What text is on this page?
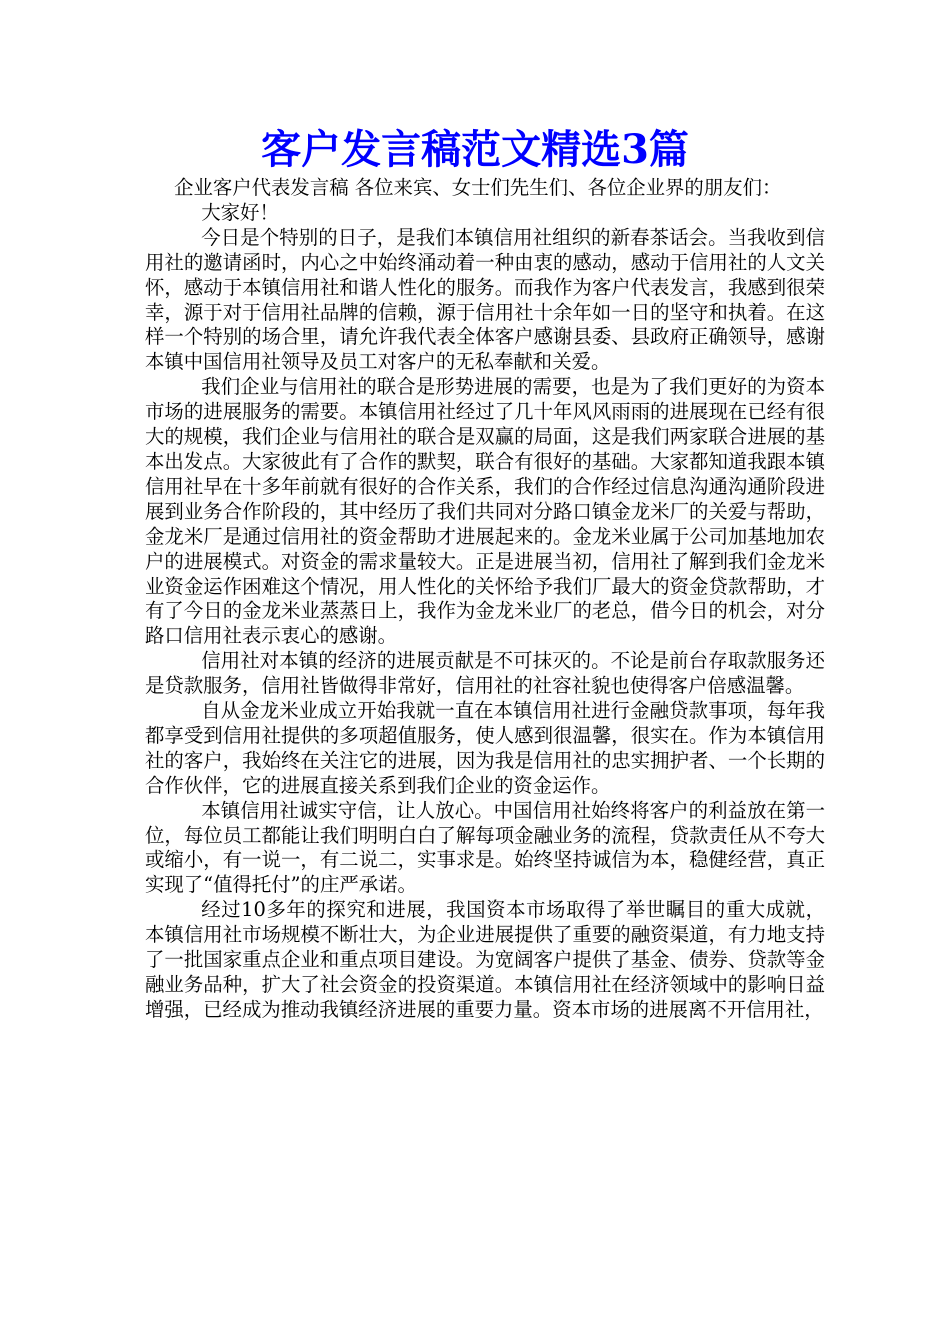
客户发言稿范文精选3篇

企业客户代表发言稿 各位来宾、女士们先生们、各位企业界的朋友们：

大家好！

今日是个特别的日子，是我们本镇信用社组织的新春茶话会。当我收到信用社的邀请函时，内心之中始终涌动着一种由衷的感动，感动于信用社的人文关怀，感动于本镇信用社和谐人性化的服务。而我作为客户代表发言，我感到很荣幸，源于对于信用社品牌的信赖，源于信用社十余年如一日的坚守和执着。在这样一个特别的场合里，请允许我代表全体客户感谢县委、县政府正确领导，感谢本镇中国信用社领导及员工对客户的无私奉献和关爱。

我们企业与信用社的联合是形势进展的需要，也是为了我们更好的为资本市场的进展服务的需要。本镇信用社经过了几十年风风雨雨的进展现在已经有很大的规模，我们企业与信用社的联合是双赢的局面，这是我们两家联合进展的基本出发点。大家彼此有了合作的默契，联合有很好的基础。大家都知道我跟本镇信用社早在十多年前就有很好的合作关系，我们的合作经过信息沟通沟通阶段进展到业务合作阶段的，其中经历了我们共同对分路口镇金龙米厂的关爱与帮助，金龙米厂是通过信用社的资金帮助才进展起来的。金龙米业属于公司加基地加农户的进展模式。对资金的需求量较大。正是进展当初，信用社了解到我们金龙米业资金运作困难这个情况，用人性化的关怀给予我们厂最大的资金贷款帮助，才有了今日的金龙米业蒸蒸日上，我作为金龙米业厂的老总，借今日的机会，对分路口信用社表示衷心的感谢。

信用社对本镇的经济的进展贡献是不可抹灭的。不论是前台存取款服务还是贷款服务，信用社皆做得非常好，信用社的社容社貌也使得客户倍感温馨。

自从金龙米业成立开始我就一直在本镇信用社进行金融贷款事项，每年我都享受到信用社提供的多项超值服务，使人感到很温馨，很实在。作为本镇信用社的客户，我始终在关注它的进展，因为我是信用社的忠实拥护者、一个长期的合作伙伴，它的进展直接关系到我们企业的资金运作。

本镇信用社诚实守信，让人放心。中国信用社始终将客户的利益放在第一位，每位员工都能让我们明明白白了解每项金融业务的流程，贷款责任从不夸大或缩小，有一说一，有二说二，实事求是。始终坚持诚信为本，稳健经营，真正实现了“值得托付”的庄严承诺。

经过10多年的探究和进展，我国资本市场取得了举世瞩目的重大成就，本镇信用社市场规模不断壮大，为企业进展提供了重要的融资渠道，有力地支持了一批国家重点企业和重点项目建设。为宽阔客户提供了基金、债券、贷款等金融业务品种，扩大了社会资金的投资渠道。本镇信用社在经济领域中的影响日益增强，已经成为推动我镇经济进展的重要力量。资本市场的进展离不开信用社，
